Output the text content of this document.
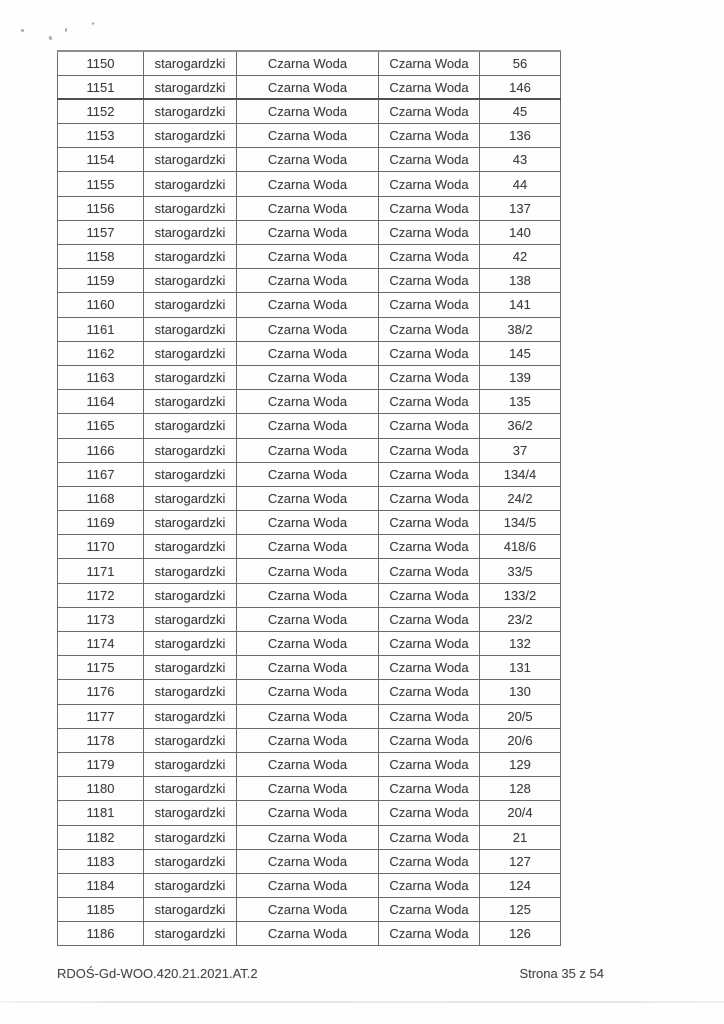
1150	starogardzki	Czarna Woda	Czarna Woda	56
1151	starogardzki	Czarna Woda	Czarna Woda	146
1152	starogardzki	Czarna Woda	Czarna Woda	45
1153	starogardzki	Czarna Woda	Czarna Woda	136
1154	starogardzki	Czarna Woda	Czarna Woda	43
1155	starogardzki	Czarna Woda	Czarna Woda	44
1156	starogardzki	Czarna Woda	Czarna Woda	137
1157	starogardzki	Czarna Woda	Czarna Woda	140
1158	starogardzki	Czarna Woda	Czarna Woda	42
1159	starogardzki	Czarna Woda	Czarna Woda	138
1160	starogardzki	Czarna Woda	Czarna Woda	141
1161	starogardzki	Czarna Woda	Czarna Woda	38/2
1162	starogardzki	Czarna Woda	Czarna Woda	145
1163	starogardzki	Czarna Woda	Czarna Woda	139
1164	starogardzki	Czarna Woda	Czarna Woda	135
1165	starogardzki	Czarna Woda	Czarna Woda	36/2
1166	starogardzki	Czarna Woda	Czarna Woda	37
1167	starogardzki	Czarna Woda	Czarna Woda	134/4
1168	starogardzki	Czarna Woda	Czarna Woda	24/2
1169	starogardzki	Czarna Woda	Czarna Woda	134/5
1170	starogardzki	Czarna Woda	Czarna Woda	418/6
1171	starogardzki	Czarna Woda	Czarna Woda	33/5
1172	starogardzki	Czarna Woda	Czarna Woda	133/2
1173	starogardzki	Czarna Woda	Czarna Woda	23/2
1174	starogardzki	Czarna Woda	Czarna Woda	132
1175	starogardzki	Czarna Woda	Czarna Woda	131
1176	starogardzki	Czarna Woda	Czarna Woda	130
1177	starogardzki	Czarna Woda	Czarna Woda	20/5
1178	starogardzki	Czarna Woda	Czarna Woda	20/6
1179	starogardzki	Czarna Woda	Czarna Woda	129
1180	starogardzki	Czarna Woda	Czarna Woda	128
1181	starogardzki	Czarna Woda	Czarna Woda	20/4
1182	starogardzki	Czarna Woda	Czarna Woda	21
1183	starogardzki	Czarna Woda	Czarna Woda	127
1184	starogardzki	Czarna Woda	Czarna Woda	124
1185	starogardzki	Czarna Woda	Czarna Woda	125
1186	starogardzki	Czarna Woda	Czarna Woda	126
RDOŚ-Gd-WOO.420.21.2021.AT.2	Strona 35 z 54
